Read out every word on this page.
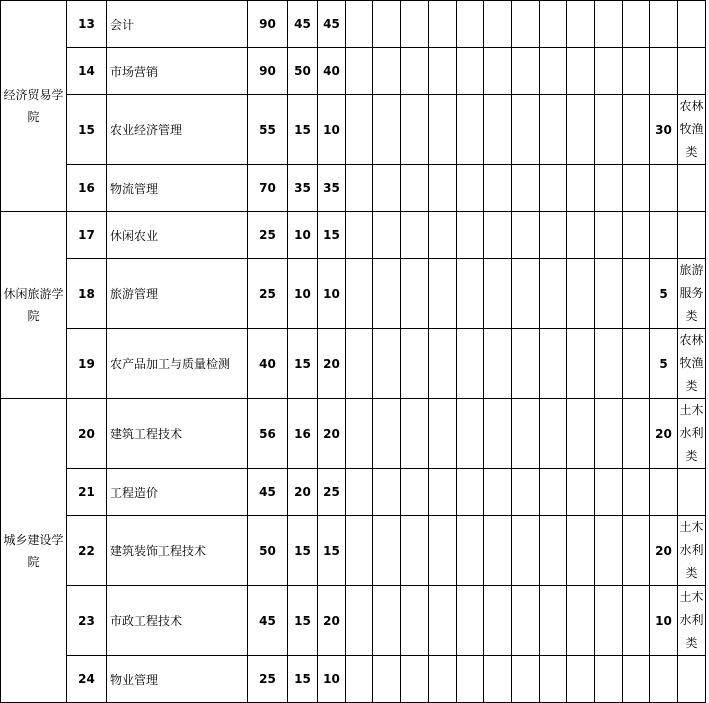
经济贸易学院	13	会计	90	45	45													
	14	市场营销	90	50	40													
	15	农业经济管理	55	15	10												30	农林牧渔类
	16	物流管理	70	35	35													
休闲旅游学院	17	休闲农业	25	10	15													
	18	旅游管理	25	10	10												5	旅游服务类
	19	农产品加工与质量检测	40	15	20												5	农林牧渔类
城乡建设学院	20	建筑工程技术	56	16	20												20	土木水利类
	21	工程造价	45	20	25													
	22	建筑装饰工程技术	50	15	15												20	土木水利类
	23	市政工程技术	45	15	20												10	土木水利类
	24	物业管理	25	15	10													
